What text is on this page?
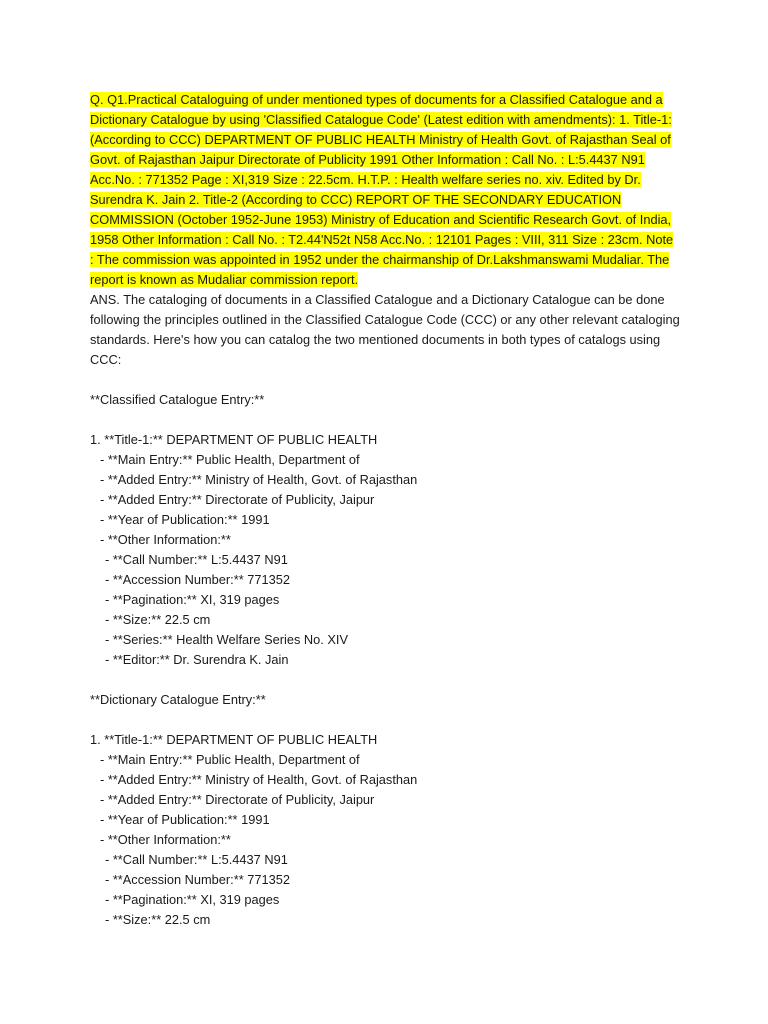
Q. Q1.Practical Cataloguing of under mentioned types of documents for a Classified Catalogue and a Dictionary Catalogue by using 'Classified Catalogue Code' (Latest edition with amendments): 1. Title-1: (According to CCC) DEPARTMENT OF PUBLIC HEALTH Ministry of Health Govt. of Rajasthan Seal of Govt. of Rajasthan Jaipur Directorate of Publicity 1991 Other Information : Call No. : L:5.4437 N91 Acc.No. : 771352 Page : XI,319 Size : 22.5cm. H.T.P. : Health welfare series no. xiv. Edited by Dr. Surendra K. Jain 2. Title-2 (According to CCC) REPORT OF THE SECONDARY EDUCATION COMMISSION (October 1952-June 1953) Ministry of Education and Scientific Research Govt. of India, 1958 Other Information : Call No. : T2.44'N52t N58 Acc.No. : 12101 Pages : VIII, 311 Size : 23cm. Note : The commission was appointed in 1952 under the chairmanship of Dr.Lakshmanswami Mudaliar. The report is known as Mudaliar commission report.

ANS. The cataloging of documents in a Classified Catalogue and a Dictionary Catalogue can be done following the principles outlined in the Classified Catalogue Code (CCC) or any other relevant cataloging standards. Here's how you can catalog the two mentioned documents in both types of catalogs using CCC:

**Classified Catalogue Entry:**

1. **Title-1:** DEPARTMENT OF PUBLIC HEALTH

- **Main Entry:** Public Health, Department of
- **Added Entry:** Ministry of Health, Govt. of Rajasthan
- **Added Entry:** Directorate of Publicity, Jaipur
- **Year of Publication:** 1991
- **Other Information:**
- **Call Number:** L:5.4437 N91
- **Accession Number:** 771352
- **Pagination:** XI, 319 pages
- **Size:** 22.5 cm
- **Series:** Health Welfare Series No. XIV
- **Editor:** Dr. Surendra K. Jain

**Dictionary Catalogue Entry:**

1. **Title-1:** DEPARTMENT OF PUBLIC HEALTH

- **Main Entry:** Public Health, Department of
- **Added Entry:** Ministry of Health, Govt. of Rajasthan
- **Added Entry:** Directorate of Publicity, Jaipur
- **Year of Publication:** 1991
- **Other Information:**
- **Call Number:** L:5.4437 N91
- **Accession Number:** 771352
- **Pagination:** XI, 319 pages
- **Size:** 22.5 cm
